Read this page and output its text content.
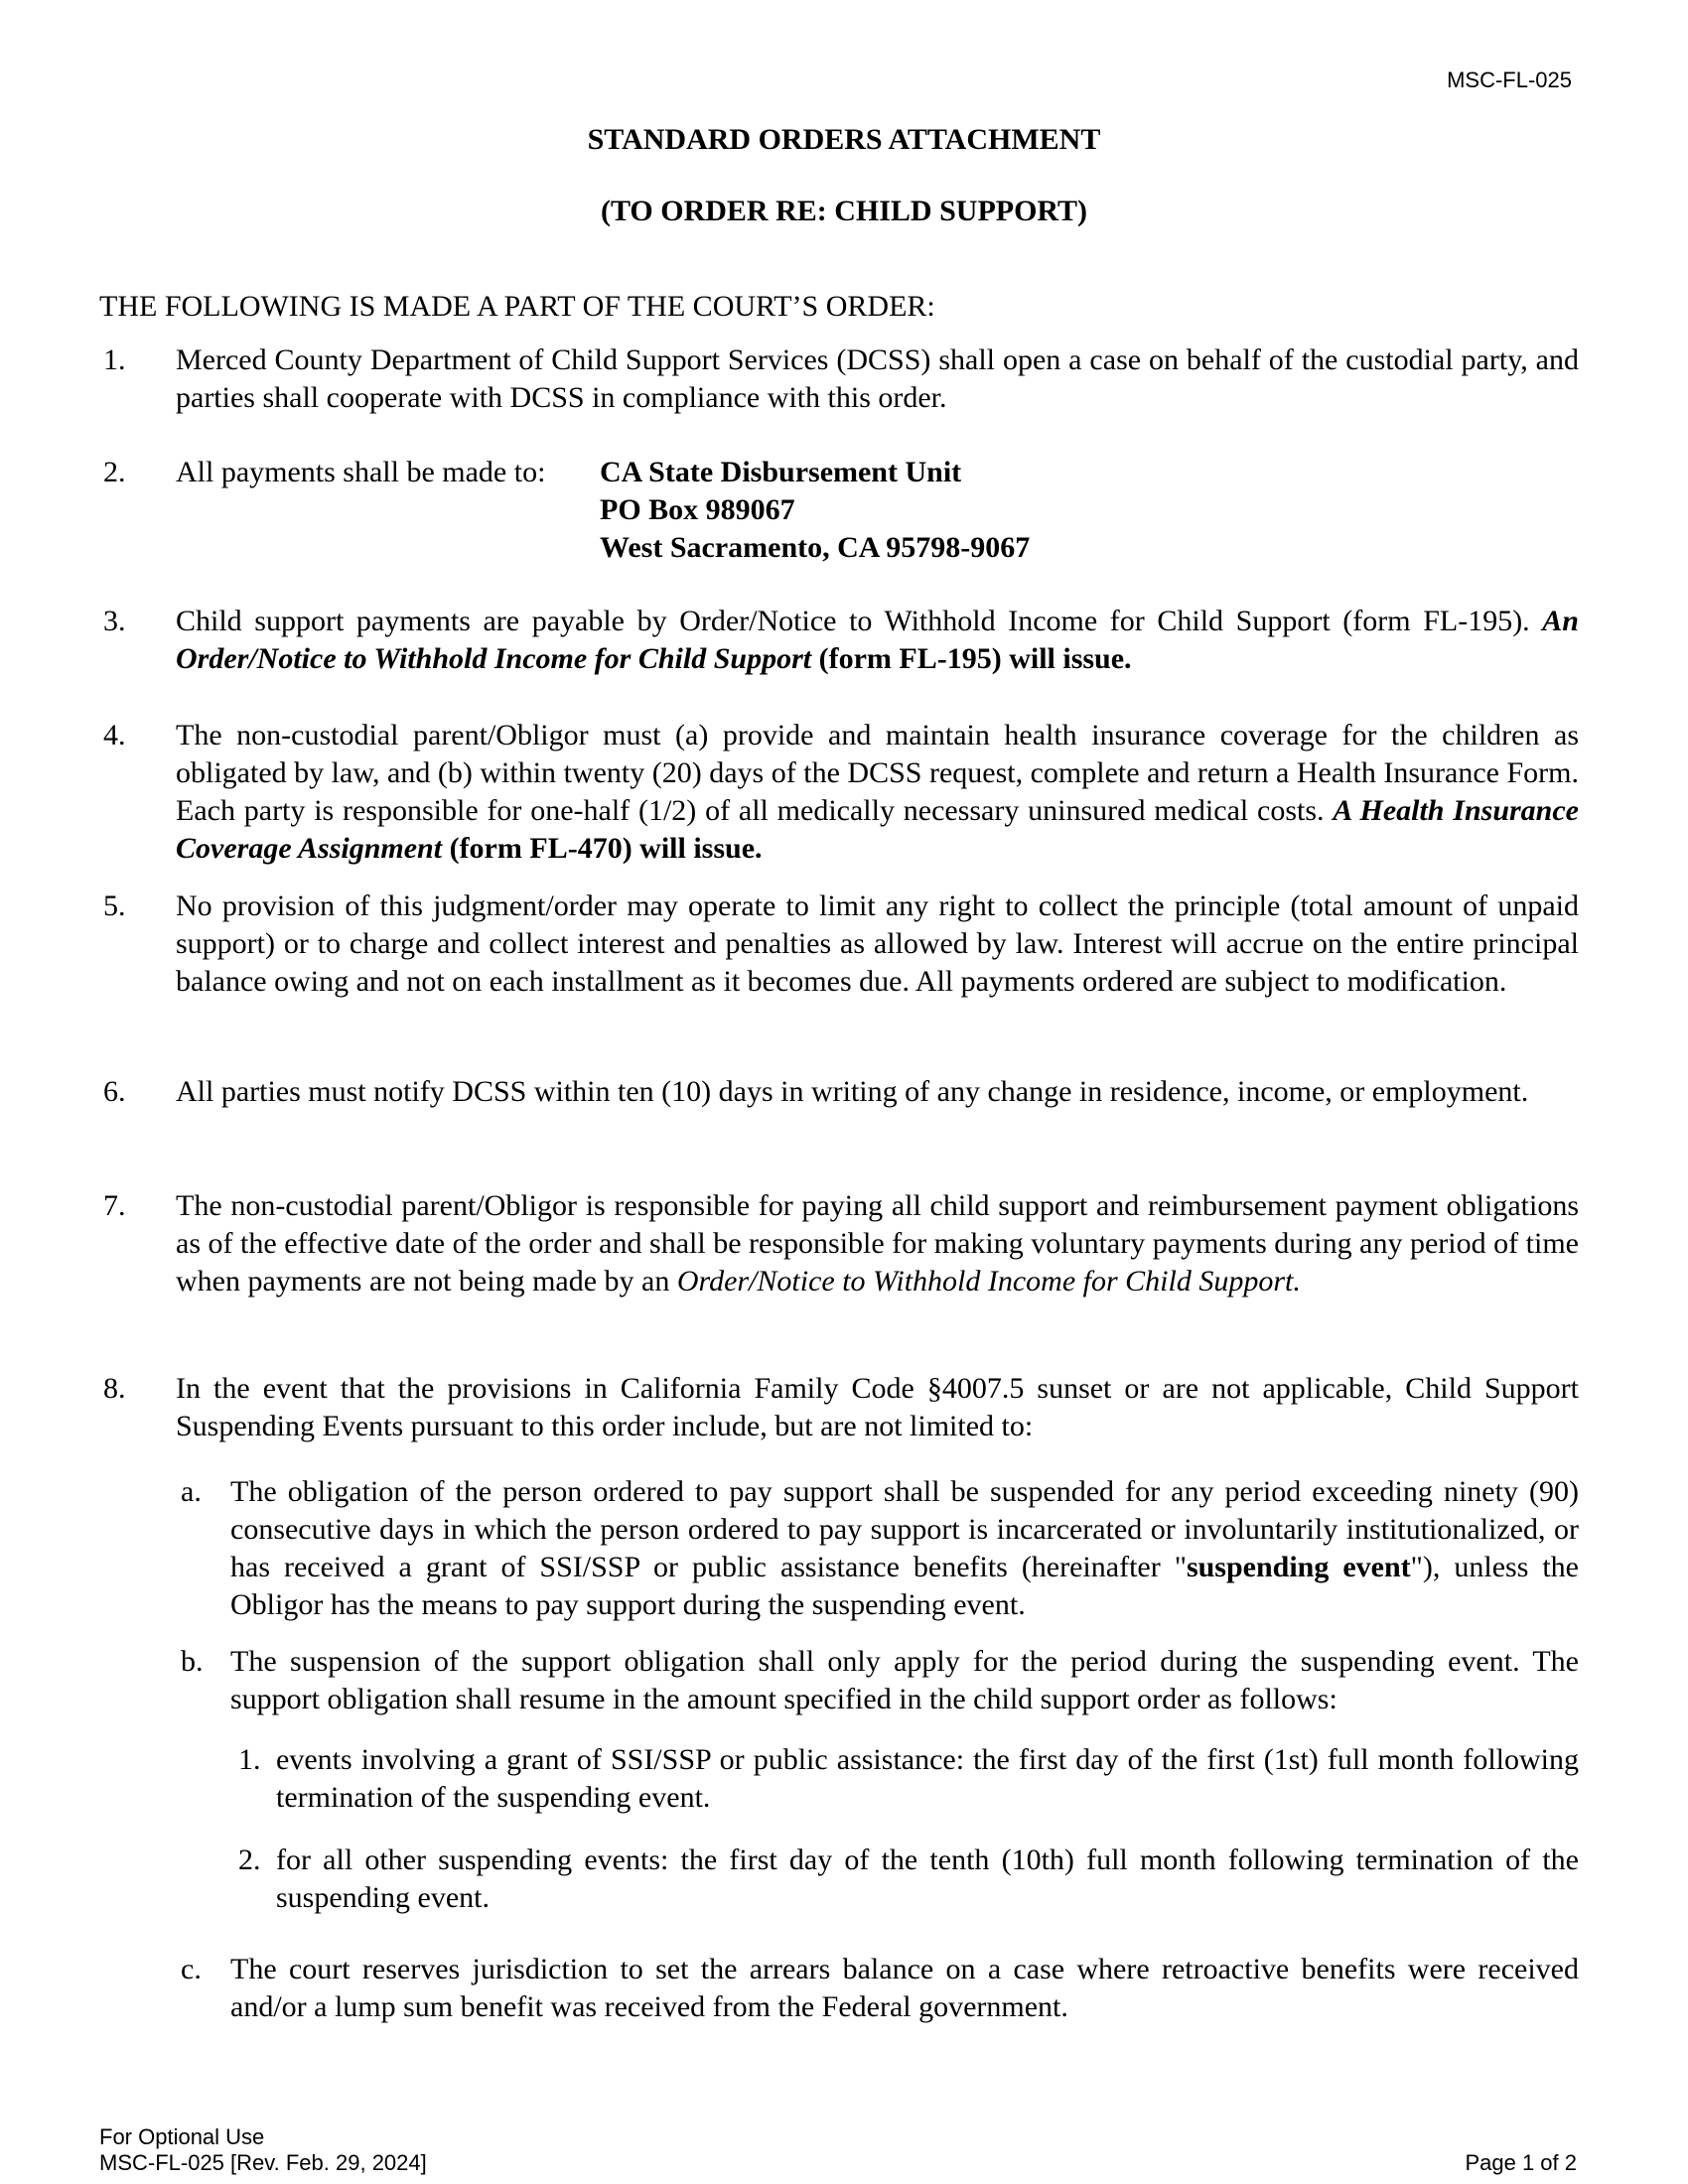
MSC-FL-025
STANDARD ORDERS ATTACHMENT
(TO ORDER RE: CHILD SUPPORT)
THE FOLLOWING IS MADE A PART OF THE COURT’S ORDER:
1. Merced County Department of Child Support Services (DCSS) shall open a case on behalf of the custodial party, and parties shall cooperate with DCSS in compliance with this order.
2. All payments shall be made to:	CA State Disbursement Unit
PO Box 989067
West Sacramento, CA 95798-9067
3. Child support payments are payable by Order/Notice to Withhold Income for Child Support (form FL-195). An Order/Notice to Withhold Income for Child Support (form FL-195) will issue.
4. The non-custodial parent/Obligor must (a) provide and maintain health insurance coverage for the children as obligated by law, and (b) within twenty (20) days of the DCSS request, complete and return a Health Insurance Form. Each party is responsible for one-half (1/2) of all medically necessary uninsured medical costs. A Health Insurance Coverage Assignment (form FL-470) will issue.
5. No provision of this judgment/order may operate to limit any right to collect the principle (total amount of unpaid support) or to charge and collect interest and penalties as allowed by law. Interest will accrue on the entire principal balance owing and not on each installment as it becomes due. All payments ordered are subject to modification.
6. All parties must notify DCSS within ten (10) days in writing of any change in residence, income, or employment.
7. The non-custodial parent/Obligor is responsible for paying all child support and reimbursement payment obligations as of the effective date of the order and shall be responsible for making voluntary payments during any period of time when payments are not being made by an Order/Notice to Withhold Income for Child Support.
8. In the event that the provisions in California Family Code §4007.5 sunset or are not applicable, Child Support Suspending Events pursuant to this order include, but are not limited to:
a. The obligation of the person ordered to pay support shall be suspended for any period exceeding ninety (90) consecutive days in which the person ordered to pay support is incarcerated or involuntarily institutionalized, or has received a grant of SSI/SSP or public assistance benefits (hereinafter "suspending event"), unless the Obligor has the means to pay support during the suspending event.
b. The suspension of the support obligation shall only apply for the period during the suspending event. The support obligation shall resume in the amount specified in the child support order as follows:
1. events involving a grant of SSI/SSP or public assistance: the first day of the first (1st) full month following termination of the suspending event.
2. for all other suspending events: the first day of the tenth (10th) full month following termination of the suspending event.
c. The court reserves jurisdiction to set the arrears balance on a case where retroactive benefits were received and/or a lump sum benefit was received from the Federal government.
For Optional Use
MSC-FL-025 [Rev. Feb. 29, 2024]	Page 1 of 2
